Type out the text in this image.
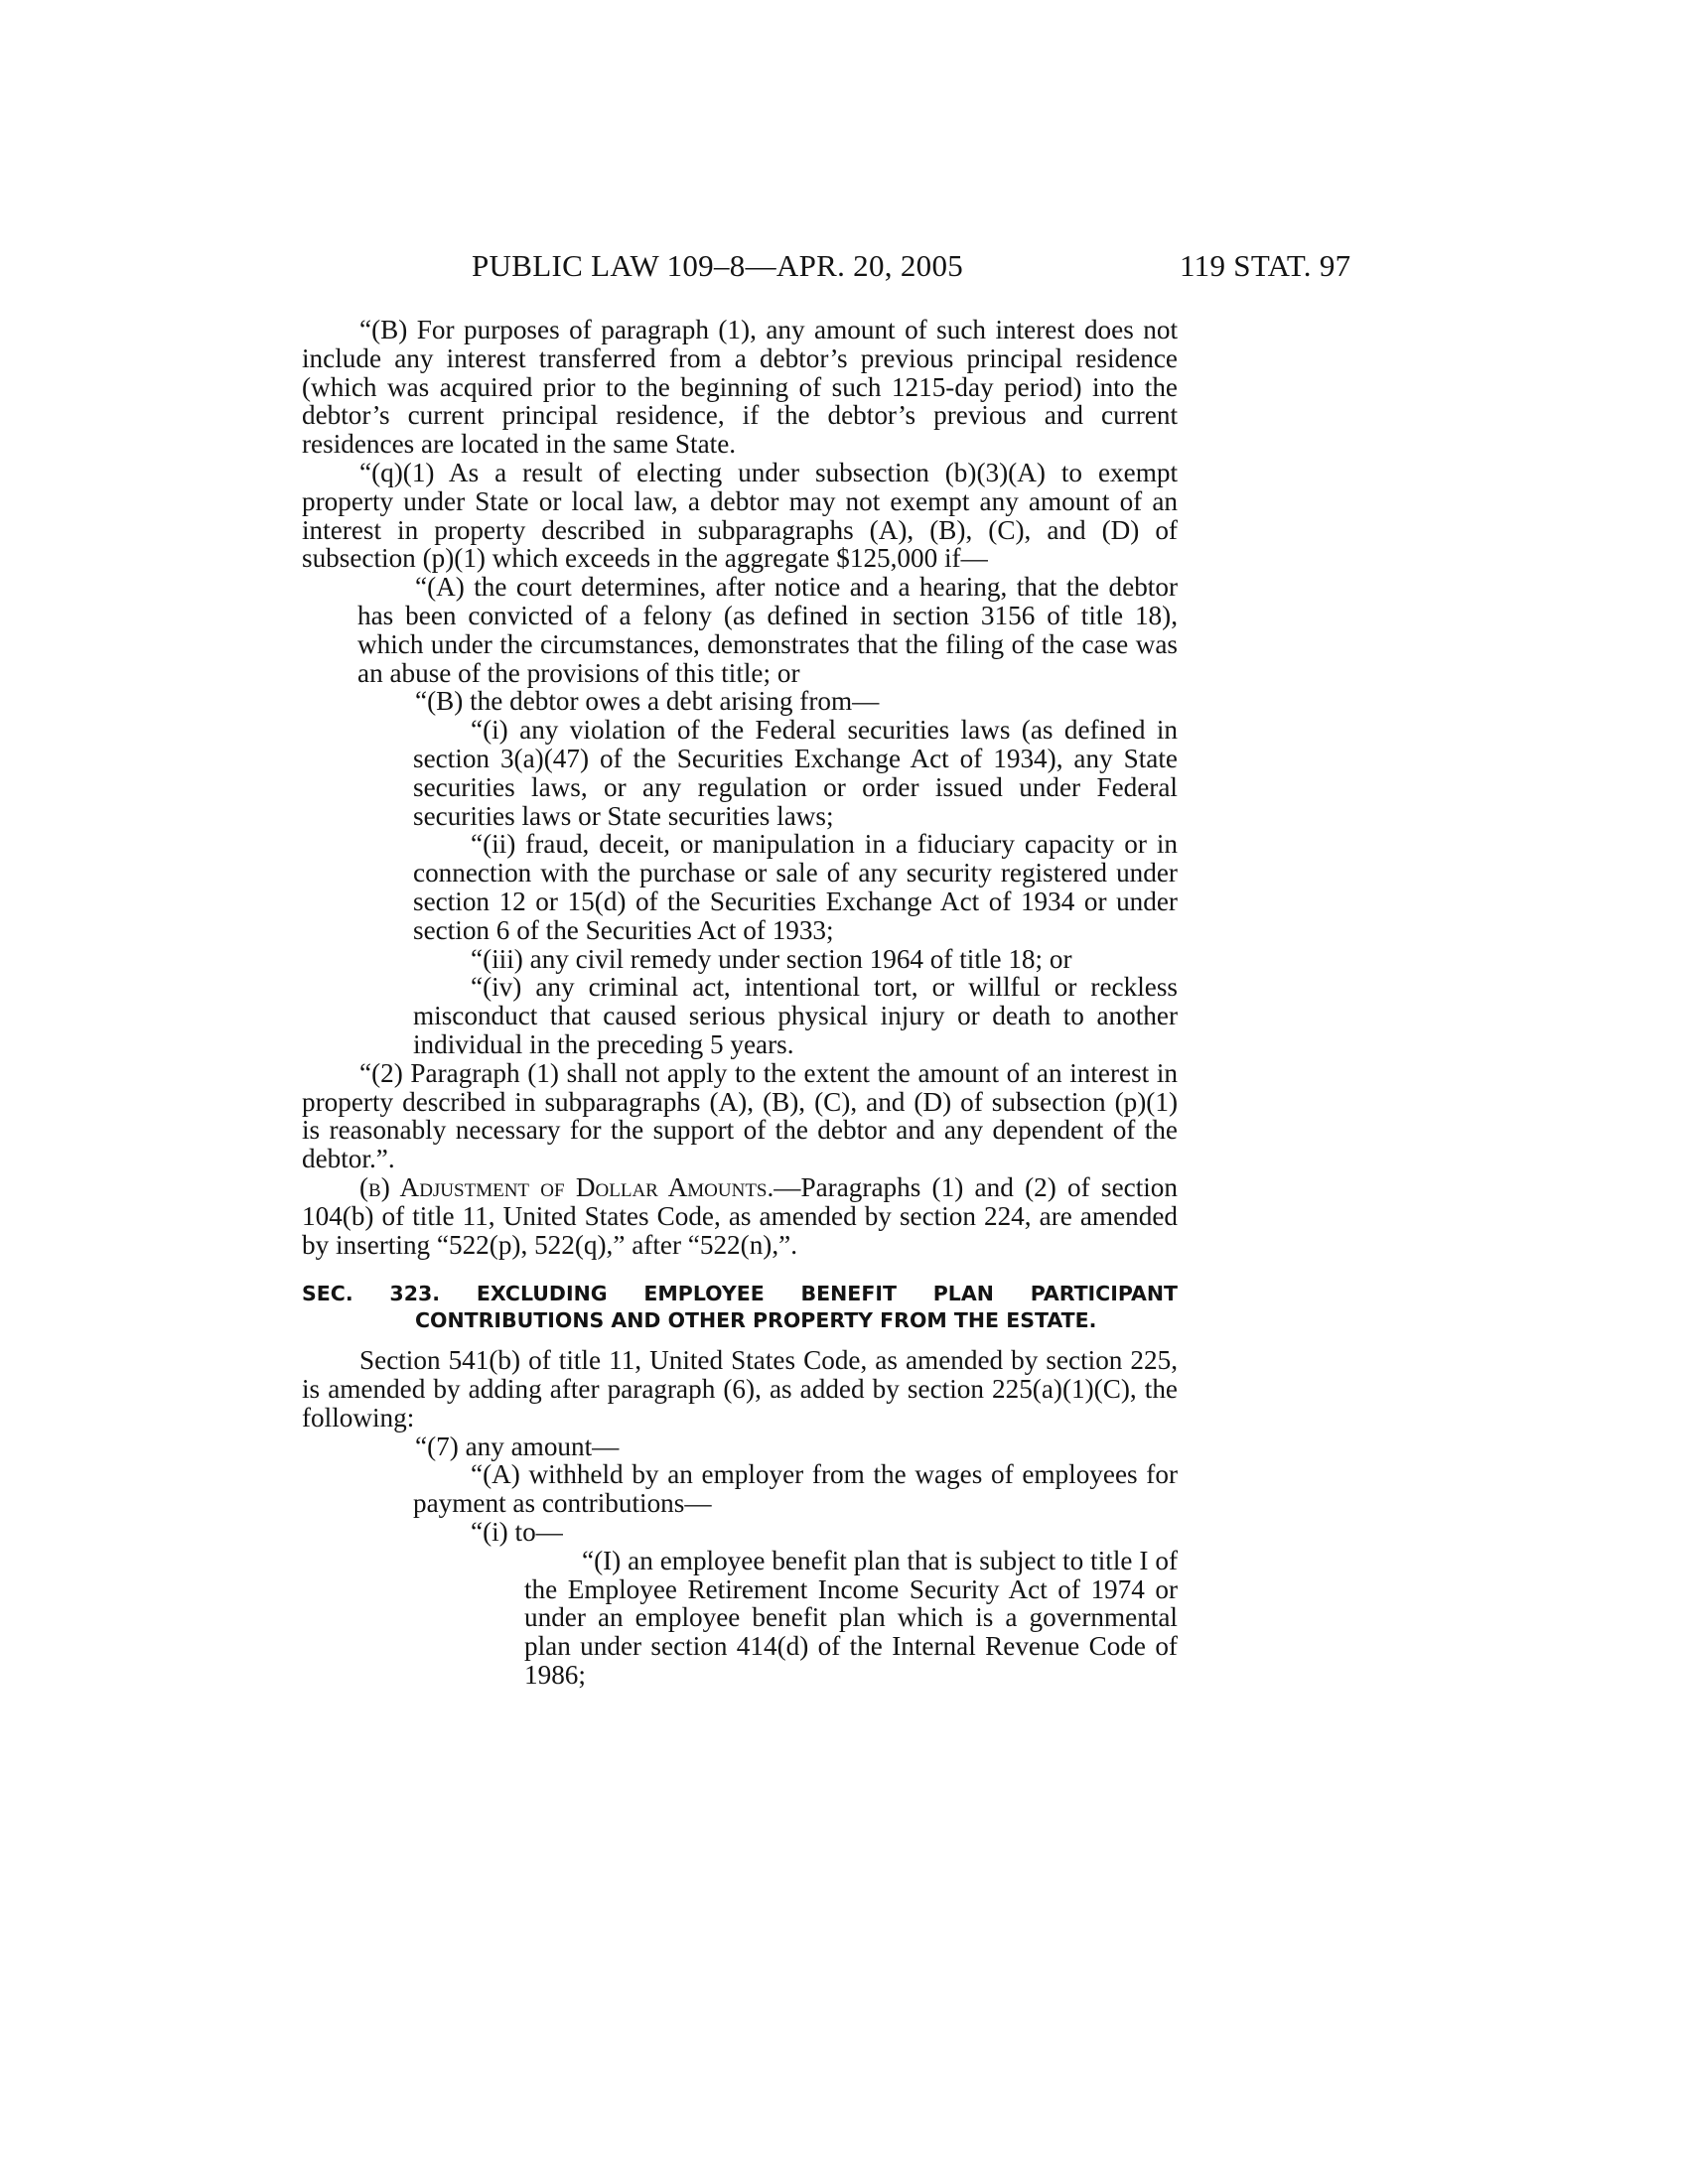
PUBLIC LAW 109–8—APR. 20, 2005	119 STAT. 97

“(B) For purposes of paragraph (1), any amount of such interest does not include any interest transferred from a debtor’s previous principal residence (which was acquired prior to the beginning of such 1215-day period) into the debtor’s current principal residence, if the debtor’s previous and current residences are located in the same State.

“(q)(1) As a result of electing under subsection (b)(3)(A) to exempt property under State or local law, a debtor may not exempt any amount of an interest in property described in subparagraphs (A), (B), (C), and (D) of subsection (p)(1) which exceeds in the aggregate $125,000 if—

“(A) the court determines, after notice and a hearing, that the debtor has been convicted of a felony (as defined in section 3156 of title 18), which under the circumstances, demonstrates that the filing of the case was an abuse of the provisions of this title; or

“(B) the debtor owes a debt arising from—

“(i) any violation of the Federal securities laws (as defined in section 3(a)(47) of the Securities Exchange Act of 1934), any State securities laws, or any regulation or order issued under Federal securities laws or State securities laws;

“(ii) fraud, deceit, or manipulation in a fiduciary capacity or in connection with the purchase or sale of any security registered under section 12 or 15(d) of the Securities Exchange Act of 1934 or under section 6 of the Securities Act of 1933;

“(iii) any civil remedy under section 1964 of title 18; or

“(iv) any criminal act, intentional tort, or willful or reckless misconduct that caused serious physical injury or death to another individual in the preceding 5 years.

“(2) Paragraph (1) shall not apply to the extent the amount of an interest in property described in subparagraphs (A), (B), (C), and (D) of subsection (p)(1) is reasonably necessary for the support of the debtor and any dependent of the debtor.”.

(b) Adjustment of Dollar Amounts.—Paragraphs (1) and (2) of section 104(b) of title 11, United States Code, as amended by section 224, are amended by inserting “522(p), 522(q),” after “522(n),”.

SEC. 323. EXCLUDING EMPLOYEE BENEFIT PLAN PARTICIPANT CONTRIBUTIONS AND OTHER PROPERTY FROM THE ESTATE.

Section 541(b) of title 11, United States Code, as amended by section 225, is amended by adding after paragraph (6), as added by section 225(a)(1)(C), the following:

“(7) any amount—

“(A) withheld by an employer from the wages of employees for payment as contributions—

“(i) to—

“(I) an employee benefit plan that is subject to title I of the Employee Retirement Income Security Act of 1974 or under an employee benefit plan which is a governmental plan under section 414(d) of the Internal Revenue Code of 1986;
